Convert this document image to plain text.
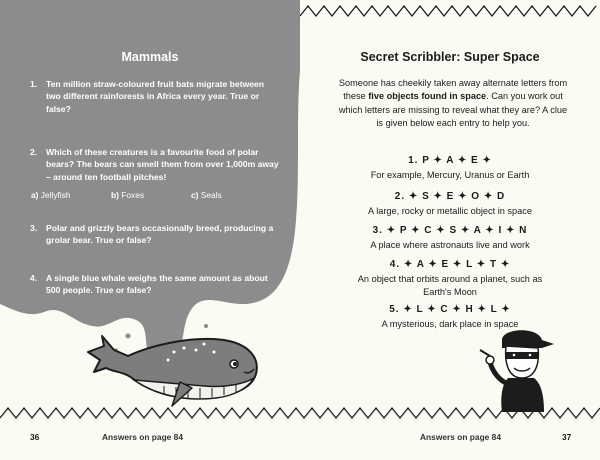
Mammals
1. Ten million straw-coloured fruit bats migrate between two different rainforests in Africa every year. True or false?
2. Which of these creatures is a favourite food of polar bears? The bears can smell them from over 1,000m away – around ten football pitches!
a) Jellyfish	b) Foxes	c) Seals
3. Polar and grizzly bears occasionally breed, producing a grolar bear. True or false?
4. A single blue whale weighs the same amount as about 500 people. True or false?
36	Answers on page 84
Secret Scribbler: Super Space
Someone has cheekily taken away alternate letters from these five objects found in space. Can you work out which letters are missing to reveal what they are? A clue is given below each entry to help you.
1. P ✦ A ✦ E ✦
For example, Mercury, Uranus or Earth
2. ✦ S ✦ E ✦ O ✦ D
A large, rocky or metallic object in space
3. ✦ P ✦ C ✦ S ✦ A ✦ I ✦ N
A place where astronauts live and work
4. ✦ A ✦ E ✦ L ✦ T ✦
An object that orbits around a planet, such as Earth's Moon
5. ✦ L ✦ C ✦ H ✦ L ✦
A mysterious, dark place in space
Answers on page 84	37
